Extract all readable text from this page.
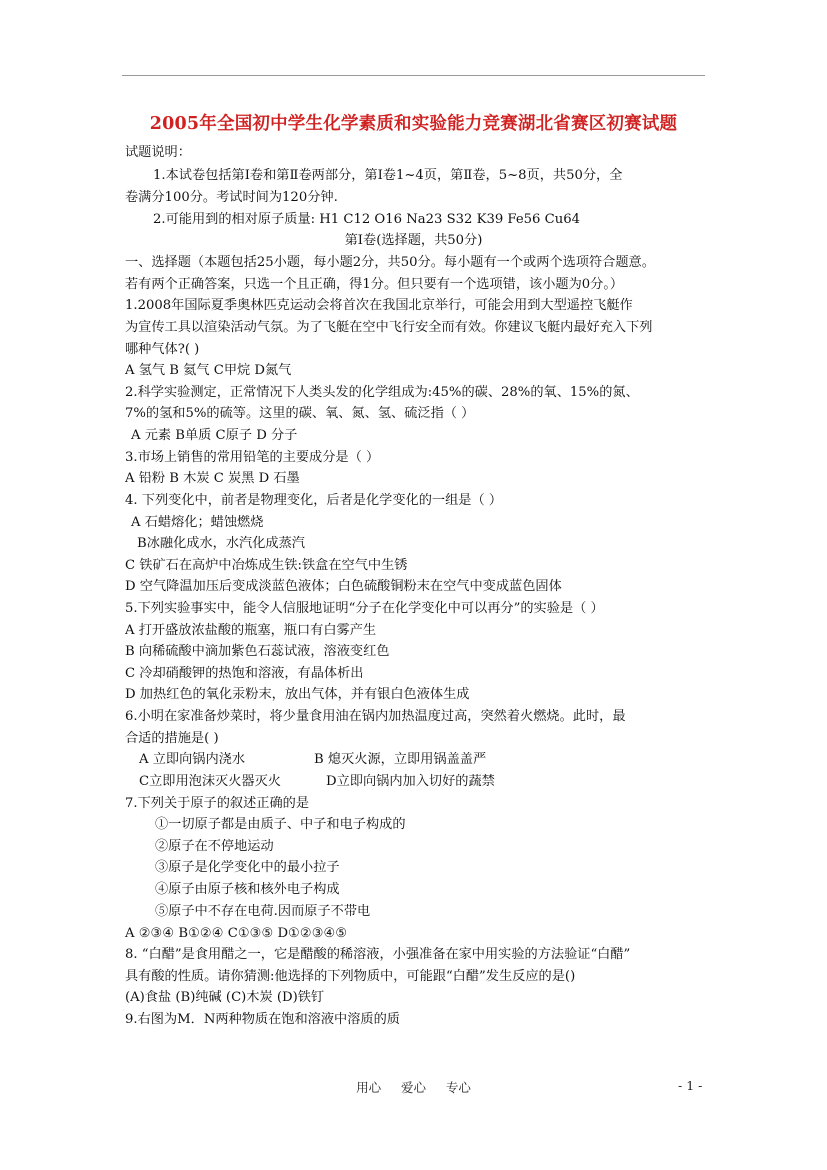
2005年全国初中学生化学素质和实验能力竞赛湖北省赛区初赛试题
试题说明：
1.本试卷包括第Ⅰ卷和第Ⅱ卷两部分，第Ⅰ卷1~4页，第Ⅱ卷，5~8页，共50分，全
卷满分100分。考试时间为120分钟.
2.可能用到的相对原子质量: H1 C12 O16 Na23 S32 K39 Fe56 Cu64
第Ⅰ卷(选择题，共50分)
一、选择题（本题包括25小题，每小题2分，共50分。每小题有一个或两个选项符合题意。
若有两个正确答案，只选一个且正确，得1分。但只要有一个选项错，该小题为0分。）
1.2008年国际夏季奥林匹克运动会将首次在我国北京举行，可能会用到大型遥控飞艇作
为宣传工具以渲染活动气氛。为了飞艇在空中飞行安全而有效。你建议飞艇内最好充入下列
哪种气体?( )
A 氢气 B 氦气 C甲烷 D氮气
2.科学实验测定，正常情况下人类头发的化学组成为:45%的碳、28%的氧、15%的氮、
7%的氢和5%的硫等。这里的碳、氧、氮、氢、硫泛指（ ）
A 元素 B单质 C原子 D 分子
3.市场上销售的常用铅笔的主要成分是（ ）
A 铅粉 B 木炭 C 炭黑 D 石墨
4. 下列变化中，前者是物理变化，后者是化学变化的一组是（ ）
A 石蜡熔化；蜡蚀燃烧
B冰融化成水，水汽化成蒸汽
C 铁矿石在高炉中冶炼成生铁:铁盒在空气中生锈
D 空气降温加压后变成淡蓝色液体；白色硫酸铜粉末在空气中变成蓝色固体
5.下列实验事实中，能令人信服地证明“分子在化学变化中可以再分”的实验是（ ）
A 打开盛放浓盐酸的瓶塞，瓶口有白雾产生
B 向稀硫酸中滴加紫色石蕊试液，溶液变红色
C 冷却硝酸钾的热饱和溶液，有晶体析出
D 加热红色的氧化汞粉末，放出气体，并有银白色液体生成
6.小明在家准备炒菜时，将少量食用油在锅内加热温度过高，突然着火燃烧。此时，最
合适的措施是( )
A 立即向锅内浇水	B 熄灭火源，立即用锅盖盖严
C立即用泡沫灭火器灭火	D立即向锅内加入切好的蔬禁
7.下列关于原子的叙述正确的是
①一切原子都是由质子、中子和电子构成的
②原子在不停地运动
③原子是化学变化中的最小拉子
④原子由原子核和核外电子构成
⑤原子中不存在电荷.因而原子不带电
A ②③④ B①②④ C①③⑤ D①②③④⑤
8. “白醋”是食用醋之一，它是醋酸的稀溶液，小强准备在家中用实验的方法验证“白醋”
具有酸的性质。请你猜测:他选择的下列物质中，可能跟“白醋”发生反应的是()
(A)食盐 (B)纯碱 (C)木炭 (D)铁钉
9.右图为M．N两种物质在饱和溶液中溶质的质
用心     爱心     专心	- 1 -
